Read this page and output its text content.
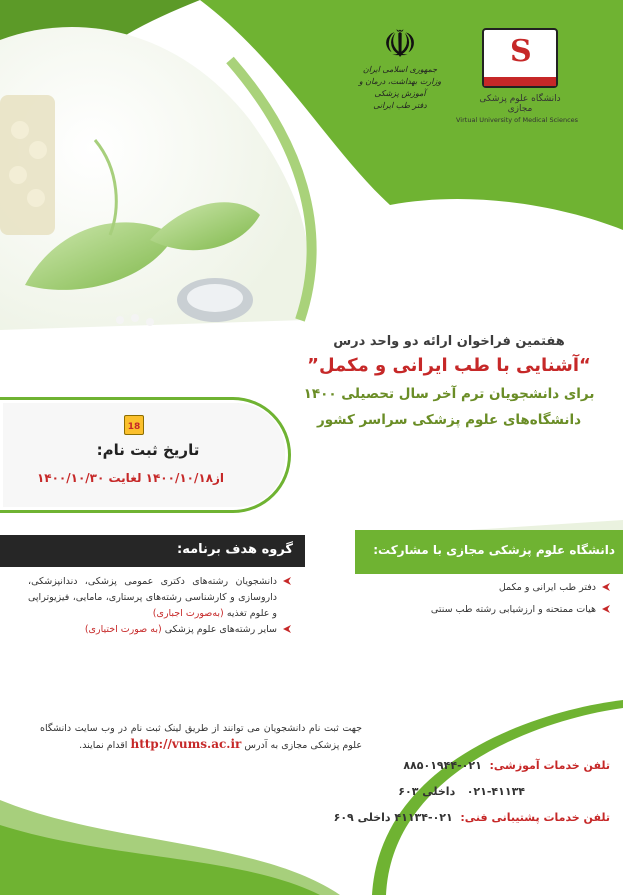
S
دانشگاه علوم پزشکی مجازی
Virtual University of Medical Sciences
☫
جمهوری اسلامی ایران
وزارت بهداشت، درمان و آموزش پزشکی
دفتر طب ایرانی
هفتمین فراخوان ارائه دو واحد درس
“آشنایی با طب ایرانی و مکمل”
برای دانشجویان ترم آخر سال تحصیلی ۱۴۰۰
دانشگاه‌های علوم پزشکی سراسر کشور
18
تاریخ ثبت نام:
از۱۴۰۰/۱۰/۱۸ لغایت ۱۴۰۰/۱۰/۳۰
گروه هدف برنامه:	دانشگاه علوم پزشکی مجازی با مشارکت:
دانشجویان رشته‌های دکتری عمومی پزشکی، دندانپزشکی، داروسازی و کارشناسی رشته‌های پرستاری، مامایی، فیزیوتراپی و علوم تغذیه (به‌صورت اجباری)
سایر رشته‌های علوم پزشکی (به صورت اختیاری)
دفتر طب ایرانی و مکمل
هیات ممتحنه و ارزشیابی رشته طب سنتی
جهت ثبت نام دانشجویان می توانند از طریق لینک ثبت نام در وب سایت دانشگاه علوم پزشکی مجازی به آدرس http://vums.ac.ir اقدام نمایند.
تلفن خدمات آموزشی:  ۰۲۱-۸۸۵۰۱۹۴۴
۰۲۱-۴۱۱۳۴   داخلی ۶۰۳
تلفن خدمات پشتیبانی فنی:  ۰۲۱-۴۱۱۳۴ داخلی ۶۰۹
